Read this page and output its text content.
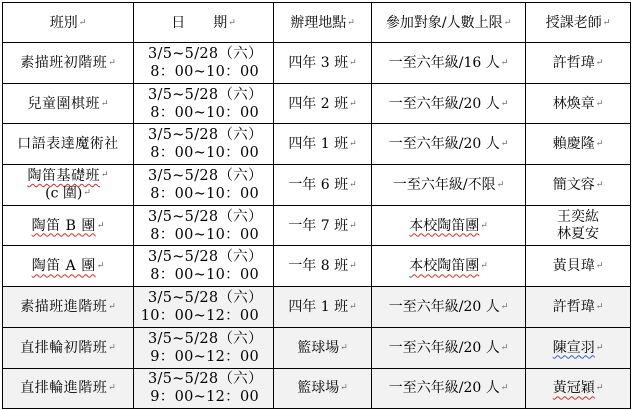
班別↵	日　　期↵	辦理地點↵	參加對象/人數上限↵	授課老師↵
素描班初階班↵	3/5~5/28（六）
8：00~10：00	四年 3 班↵	一至六年級/16 人↵	許哲瑋↵
兒童圍棋班↵	3/5~5/28（六）
8：00~10：00	四年 2 班↵	一至六年級/20 人↵	林煥章↵
口語表達魔術社	3/5~5/28（六）
8：00~10：00	四年 1 班↵	一至六年級/20 人↵	賴慶隆↵
陶笛基礎班↵
(c 圍)↵	3/5~5/28（六）
8：00~10：00	一年 6 班↵	一至六年級/不限↵	簡文容↵
陶笛 B 團↵	3/5~5/28（六）
8：00~10：00	一年 7 班↵	本校陶笛團↵	王奕紘
林夏安

陶笛 A 團↵	3/5~5/28（六）
8：00~10：00	一年 8 班↵	本校陶笛團↵	黃貝瑋↵
素描班進階班↵	3/5~5/28（六）
10：00~12：00	四年 1 班↵	一至六年級/20 人↵	許哲瑋↵
直排輪初階班↵	3/5~5/28（六）
9：00~12：00	籃球場↵	一至六年級/20 人↵	陳宣羽↵
直排輪進階班↵	3/5~5/28（六）
9：00~12：00	籃球場↵	一至六年級/20 人↵	黃冠穎↵
